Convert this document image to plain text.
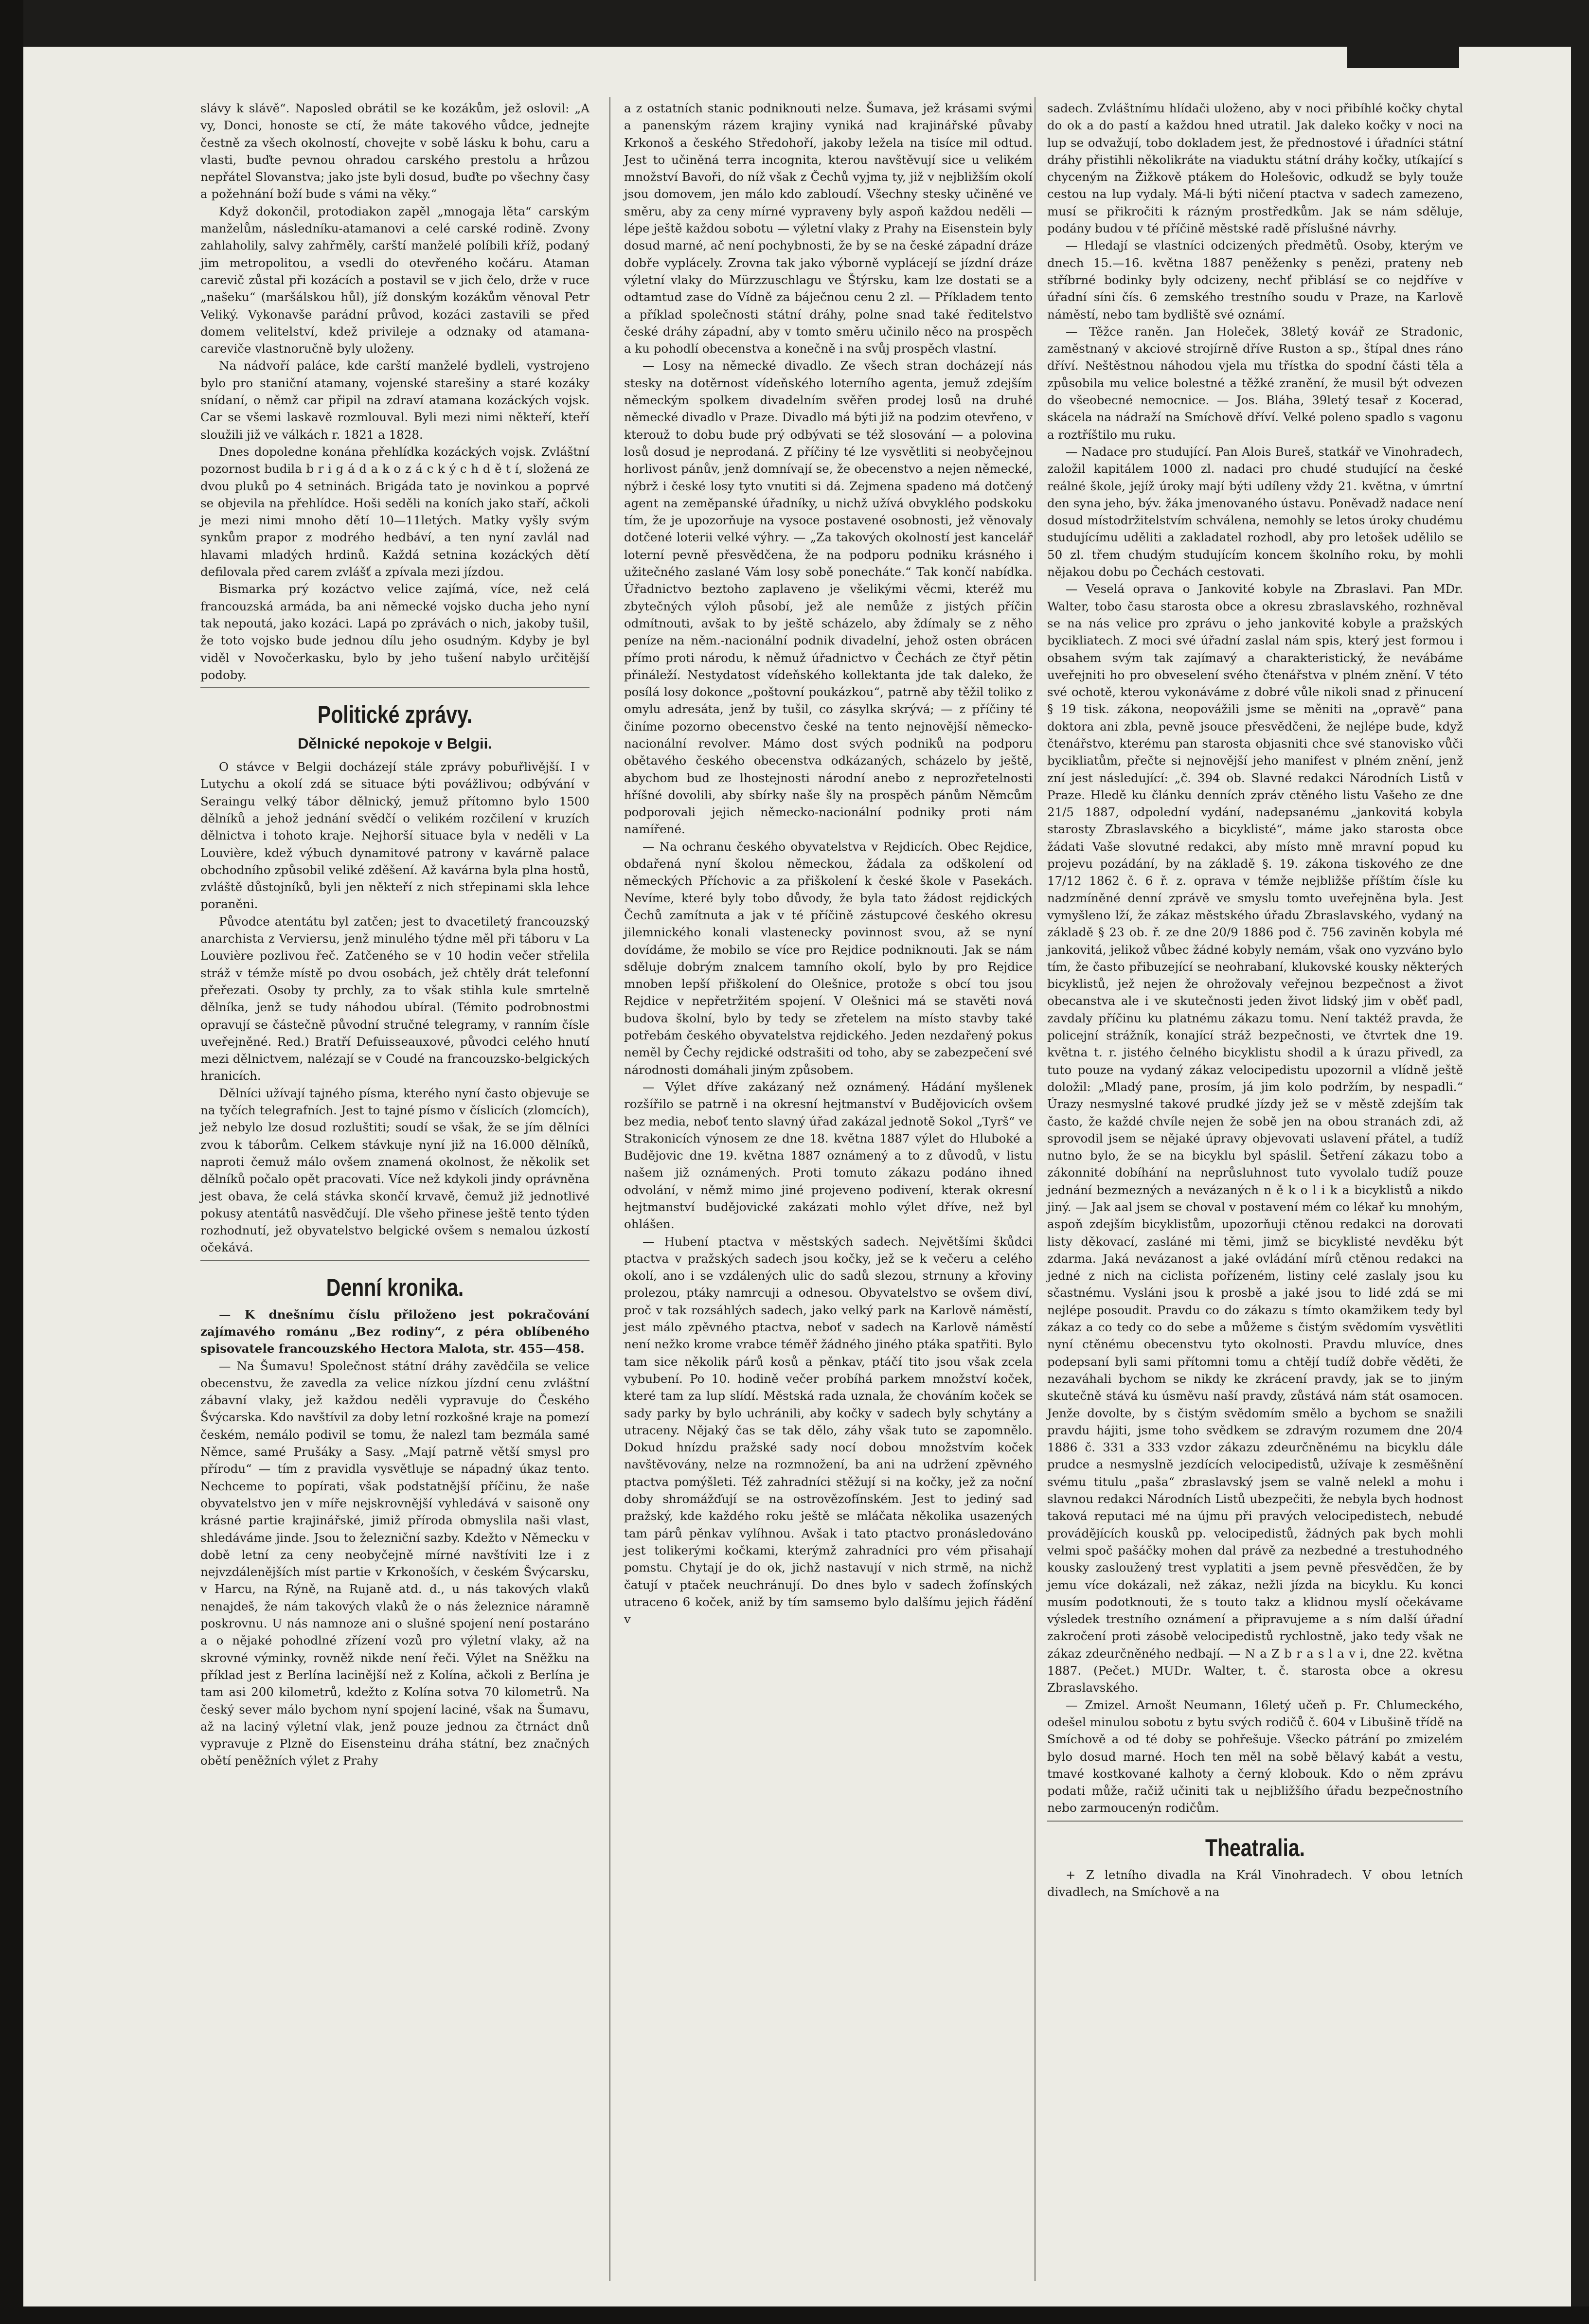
slávy k slávě“. Naposled obrátil se ke kozákům, jež oslovil: „A vy, Donci, honoste se ctí, že máte takového vůdce, jednejte čestně za všech okolností, chovejte v sobě lásku k bohu, caru a vlasti, buďte pevnou ohradou carského prestolu a hrůzou nepřátel Slovanstva; jako jste byli dosud, buďte po všechny časy a požehnání boží bude s vámi na věky.“

Když dokončil, protodiakon zapěl „mnogaja lěta“ carským manželům, následníku-atamanovi a celé carské rodině. Zvony zahlaholily, salvy zahřměly, carští manželé políbili kříž, podaný jim metropolitou, a vsedli do otevřeného kočáru. Ataman carevič zůstal při kozácích a postavil se v jich čelo, drže v ruce „našeku“ (maršálskou hůl), jíž donským kozákům věnoval Petr Veliký. Vykonavše parádní průvod, kozáci zastavili se před domem velitelství, kdež privileje a odznaky od atamana-careviče vlastnoručně byly uloženy.

Na nádvoří paláce, kde carští manželé bydleli, vystrojeno bylo pro staniční atamany, vojenské starešiny a staré kozáky snídaní, o němž car připil na zdraví atamana kozáckých vojsk. Car se všemi laskavě rozmlouval. Byli mezi nimi někteří, kteří sloužili již ve válkách r. 1821 a 1828.

Dnes dopoledne konána přehlídka kozáckých vojsk. Zvláštní pozornost budila b r i g á d a k o z á c k ý c h d ě t í, složená ze dvou pluků po 4 setninách. Brigáda tato je novinkou a poprvé se objevila na přehlídce. Hoši seděli na koních jako staří, ačkoli je mezi nimi mnoho dětí 10—11letých. Matky vyšly svým synkům prapor z modrého hedbáví, a ten nyní zavlál nad hlavami mladých hrdinů. Každá setnina kozáckých dětí defilovala před carem zvlášť a zpívala mezi jízdou.

Bismarkа prý kozáctvo velice zajímá, více, než celá francouzská armáda, ba ani německé vojsko ducha jeho nyní tak nepoutá, jako kozáci. Lapá po zprávách o nich, jakoby tušil, že toto vojsko bude jednou dílu jeho osudným. Kdyby je byl viděl v Novočerkasku, bylo by jeho tušení nabylo určitější podoby.

Politické zprávy.
Dělnické nepokoje v Belgii.

O stávce v Belgii docházejí stále zprávy pobuřlivější. I v Lutychu a okolí zdá se situace býti povážlivou; odbývání v Seraingu velký tábor dělnický, jemuž přítomno bylo 1500 dělníků a jehož jednání svědčí o velikém rozčilení v kruzích dělnictva i tohoto kraje. Nejhorší situace byla v neděli v La Louvière, kdež výbuch dynamitové patrony v kavárně palace obchodního způsobil veliké zděšení. Až kavárna byla plna hostů, zvláště důstojníků, byli jen někteří z nich střepinami skla lehce poraněni.

Původce atentátu byl zatčen; jest to dvacetiletý francouzský anarchista z Verviersu, jenž minulého týdne měl při táboru v La Louvière pozlivou řeč. Zatčeného se v 10 hodin večer střelila stráž v témže místě po dvou osobách, jež chtěly drát telefonní přeřezati. Osoby ty prchly, za to však stihla kule smrtelně dělníka, jenž se tudy náhodou ubíral. (Témito podrobnostmi opravují se částečně původní stručné telegramy, v ranním čísle uveřejněné. Red.) Bratří Defuisseauxové, původci celého hnutí mezi dělnictvem, nalézají se v Coudé na francouzsko-belgických hranicích.

Dělníci užívají tajného písma, kterého nyní často objevuje se na tyčích telegrafních. Jest to tajné písmo v číslicích (zlomcích), jež nebylo lze dosud rozluštiti; soudí se však, že se jím dělníci zvou k táborům. Celkem stávkuje nyní již na 16.000 dělníků, naproti čemuž málo ovšem znamená okolnost, že několik set dělníků počalo opět pracovati. Více než kdykoli jindy oprávněna jest obava, že celá stávka skončí krvavě, čemuž již jednotlivé pokusy atentátů nasvědčují. Dle všeho přinese ještě tento týden rozhodnutí, jež obyvatelstvo belgické ovšem s nemalou úzkostí očekává.

Denní kronika.

— K dnešnímu číslu přiloženo jest pokračování zajímavého románu „Bez rodiny“, z péra oblíbeného spisovatele francouzského Hectora Malota, str. 455—458.

— Na Šumavu! Společnost státní dráhy zavědčila se velice obecenstvu, že zavedla za velice nízkou jízdní cenu zvláštní zábavní vlaky, jež každou neděli vypravuje do Českého Švýcarska. Kdo navštívil za doby letní rozkošné kraje na pomezí českém, nemálo podivil se tomu, že nalezl tam bezmála samé Němce, samé Prušáky a Sasy. „Mají patrně větší smysl pro přírodu“ — tím z pravidla vysvětluje se nápadný úkaz tento. Nechceme to popírati, však podstatnější příčinu, že naše obyvatelstvo jen v míře nejskrovnější vyhledává v saisoně ony krásné partie krajinářské, jimiž příroda obmyslila naši vlast, shledáváme jinde. Jsou to železniční sazby. Kdežto v Německu v době letní za ceny neobyčejně mírné navštíviti lze i z nejvzdálenějších míst partie v Krkonoších, v českém Švýcarsku, v Harcu, na Rýně, na Rujaně atd. d., u nás takových vlaků nenajdeš, že nám takových vlaků že o nás železnice náramně poskrovnu. U nás namnoze ani o slušné spojení není postaráno a o nějaké pohodlné zřízení vozů pro výletní vlaky, až na skrovné výminky, rovněž nikde není řeči. Výlet na Sněžku na příklad jest z Berlína lacinější než z Kolína, ačkoli z Berlína je tam asi 200 kilometrů, kdežto z Kolína sotva 70 kilometrů. Na český sever málo bychom nyní spojení laciné, však na Šumavu, až na laciný výletní vlak, jenž pouze jednou za čtrnáct dnů vypravuje z Plzně do Eisensteinu dráha státní, bez značných obětí peněžních výlet z Prahy

a z ostatních stanic podniknouti nelze. Šumava, jež krásami svými a panenským rázem krajiny vyniká nad krajinářské půvaby Krkonoš a českého Středohoří, jakoby ležela na tisíce mil odtud. Jest to učiněná terra incognita, kterou navštěvují sice u velikém množství Bavoři, do níž však z Čechů vyjma ty, již v nejbližším okolí jsou domovem, jen málo kdo zabloudí. Všechny stesky učiněné ve směru, aby za ceny mírné vypraveny byly aspoň každou neděli — lépe ještě každou sobotu — výletní vlaky z Prahy na Eisenstein byly dosud marné, ač není pochybnosti, že by se na české západní dráze dobře vyplácely. Zrovna tak jako výborně vyplácejí se jízdní dráze výletní vlaky do Mürzzuschlagu ve Štýrsku, kam lze dostati se a odtamtud zase do Vídně za báječnou cenu 2 zl. — Příkladem tento a příklad společnosti státní dráhy, polne snad také ředitelstvo české dráhy západní, aby v tomto směru učinilo něco na prospěch a ku pohodlí obecenstva a konečně i na svůj prospěch vlastní.

— Losy na německé divadlo. Ze všech stran docházejí nás stesky na dotěrnost vídeňského loterního agenta, jemuž zdejším německým spolkem divadelním svěřen prodej losů na druhé německé divadlo v Praze. Divadlo má býti již na podzim otevřeno, v kterouž to dobu bude prý odbývati se též slosování — a polovina losů dosud je neprodaná. Z příčiny té lze vysvětliti si neobyčejnou horlivost pánův, jenž domnívají se, že obecenstvo a nejen německé, nýbrž i české losy tyto vnutiti si dá. Zejmena spadeno má dotčený agent na zeměpanské úřadníky, u nichž užívá obvyklého podskoku tím, že je upozorňuje na vysoce postavené osobnosti, jež věnovaly dotčené loterii velké výhry. — „Za takových okolností jest kancelář loterní pevně přesvědčena, že na podporu podniku krásného i užitečného zaslané Vám losy sobě ponecháte.“ Tak končí nabídka. Úřadnictvo beztoho zaplaveno je všelikými věcmi, kteréž mu zbytečných výloh působí, jež ale nemůže z jistých příčin odmítnouti, avšak to by ještě scházelo, aby ždímaly se z něho peníze na něm.-nacionální podnik divadelní, jehož osten obrácen přímo proti národu, k němuž úřadnictvo v Čechách ze čtyř pětin přináleží. Nestydatost vídeňského kollektanta jde tak daleko, že posílá losy dokonce „poštovní poukázkou“, patrně aby těžil toliko z omylu adresáta, jenž by tušil, co zásylka skrývá; — z příčiny té činíme pozorno obecenstvo české na tento nejnovější německo-nacionální revolver. Mámo dost svých podniků na podporu obětavého českého obecenstva odkázaných, scházelo by ještě, abychom bud ze lhostejnosti národní anebo z neprozřetelnosti hříšné dovolili, aby sbírky naše šly na prospěch pánům Němcům podporovali jejich německo-nacionální podniky proti nám namířené.

— Na ochranu českého obyvatelstva v Rejdicích. Obec Rejdice, obdařená nyní školou německou, žádala za odškolení od německých Příchovic a za přiškolení k české škole v Pasekách. Nevíme, které byly tobo důvody, že byla tato žádost rejdických Čechů zamítnuta a jak v té příčině zástupcové českého okresu jilemnického konali vlastenecky povinnost svou, až se nyní dovídáme, že mobilo se více pro Rejdice podniknouti. Jak se nám sděluje dobrým znalcem tamního okolí, bylo by pro Rejdice mnoben lepší přiškolení do Olešnice, protože s obcí tou jsou Rejdice v nepřetržitém spojení. V Olešnici má se stavěti nová budova školní, bylo by tedy se zřetelem na místo stavby také potřebám českého obyvatelstva rejdického. Jeden nezdařený pokus neměl by Čechy rejdické odstrašiti od toho, aby se zabezpečení své národnosti domáhali jiným způsobem.

— Výlet dříve zakázaný než oznámený. Hádání myšlenek rozšířilo se patrně i na okresní hejtmanství v Budějovicích ovšem bez media, neboť tento slavný úřad zakázal jednotě Sokol „Tyrš“ ve Strakonicích výnosem ze dne 18. května 1887 výlet do Hluboké a Budějovic dne 19. května 1887 oznámený a to z důvodů, v listu našem již oznámených. Proti tomuto zákazu podáno ihned odvolání, v němž mimo jiné projeveno podivení, kterak okresní hejtmanství budějovické zakázati mohlo výlet dříve, než byl ohlášen.

— Hubení ptactva v městských sadech. Největšími škůdci ptactva v pražských sadech jsou kočky, jež se k večeru a celého okolí, ano i se vzdálených ulic do sadů slezou, strnuny a křoviny prolezou, ptáky namrcuji a odnesou. Obyvatelstvo se ovšem diví, proč v tak rozsáhlých sadech, jako velký park na Karlově náměstí, jest málo zpěvného ptactva, neboť v sadech na Karlově náměstí není nežko krome vrabce téměř žádného jiného ptáka spatřiti. Bylo tam sice několik párů kosů a pěnkav, ptáčí tito jsou však zcela vybubení. Po 10. hodině večer probíhá parkem množství koček, které tam za lup slídí. Městská rada uznala, že chováním koček se sady parky by bylo uchránili, aby kočky v sadech byly schytány a utraceny. Nějaký čas se tak dělo, záhy však tuto se zapomnělo. Dokud hnízdu pražské sady nocí dobou množstvím koček navštěvovány, nelze na rozmnožení, ba ani na udržení zpěvného ptactva pomýšleti. Též zahradníci stěžují si na kočky, jež za noční doby shromážďují se na ostrovězofínském. Jest to jediný sad pražský, kde každého roku ještě se mláčata několika usazených tam párů pěnkav vylíhnou. Avšak i tato ptactvo pronásledováno jest tolikerými kočkami, kterýmž zahradníci pro vém přisahají pomstu. Chytají je do ok, jichž nastavují v nich strmě, na nichž čatují v ptaček neuchránují. Do dnes bylo v sadech žofínských utraceno 6 koček, aniž by tím samsemo bylo dalšímu jejich řádění v

sadech. Zvláštnímu hlídači uloženo, aby v noci přibíhlé kočky chytal do ok a do pastí a každou hned utratil. Jak daleko kočky v noci na lup se odvažují, tobo dokladem jest, že přednostové i úřadníci státní dráhy přistihli několikráte na viaduktu státní dráhy kočky, utíkající s chyceným na Žižkově ptákem do Holešovic, odkudž se byly touže cestou na lup vydaly. Má-li býti ničení ptactva v sadech zamezeno, musí se přikročiti k rázným prostředkům. Jak se nám sděluje, podány budou v té příčině městské radě příslušné návrhy.

— Hledají se vlastníci odcizených předmětů. Osoby, kterým ve dnech 15.—16. května 1887 peněženky s penězi, prateny neb stříbrné bodinky byly odcizeny, nechť přiblásí se co nejdříve v úřadní síni čís. 6 zemského trestního soudu v Praze, na Karlově náměstí, nebo tam bydliště své oznámí.

— Těžce raněn. Jan Holeček, 38letý kovář ze Stradonic, zaměstnaný v akciové strojírně dříve Ruston a sp., štípal dnes ráno dříví. Neštěstnou náhodou vjela mu třístka do spodní části těla a způsobila mu velice bolestné a těžké zranění, že musil být odvezen do všeobecné nemocnice. — Jos. Bláha, 39letý tesař z Kocerad, skácela na nádraží na Smíchově dříví. Velké poleno spadlo s vagonu a roztříštilo mu ruku.

— Nadace pro studující. Pan Alois Bureš, statkář ve Vinohradech, založil kapitálem 1000 zl. nadaci pro chudé studující na české reálné škole, jejíž úroky mají býti udíleny vždy 21. května, v úmrtní den syna jeho, býv. žáka jmenovaného ústavu. Poněvadž nadace není dosud místodržitelstvím schválena, nemohly se letos úroky chudému studujícímu uděliti a zakladatel rozhodl, aby pro letošek udělilo se 50 zl. třem chudým studujícím koncem školního roku, by mohli nějakou dobu po Čechách cestovati.

— Veselá oprava o Jankovité kobyle na Zbraslavi. Pan MDr. Walter, tobo času starosta obce a okresu zbraslavského, rozhněval se na nás velice pro zprávu o jeho jankovité kobyle a pražských bycikliatech. Z moci své úřadní zaslal nám spis, který jest formou i obsahem svým tak zajímavý a charakteristický, že nevábáme uveřejniti ho pro obveselení svého čtenářstva v plném znění. V této své ochotě, kterou vykonáváme z dobré vůle nikoli snad z přinucení § 19 tisk. zákona, neopovážili jsme se měniti na „opravě“ pana doktora ani zbla, pevně jsouce přesvědčeni, že nejlépe bude, když čtenářstvo, kterému pan starosta objasniti chce své stanovisko vůči bycikliatům, přečte si nejnovější jeho manifest v plném znění, jenž zní jest následující: „č. 394 ob. Slavné redakci Národních Listů v Praze. Hledě ku článku denních zpráv ctěného listu Vašeho ze dne 21/5 1887, odpolední vydání, nadepsanému „jankovitá kobyla starosty Zbraslavského a bicyklisté“, máme jako starosta obce žádati Vaše slovutné redakci, aby místo mně mravní popud ku projevu pozádání, by na základě §. 19. zákona tiskového ze dne 17/12 1862 č. 6 ř. z. oprava v témže nejbližše příštím čísle ku nadzmíněné denní zprávě ve smyslu tomto uveřejněna byla. Jest vymyšleno lží, že zákaz městského úřadu Zbraslavského, vydaný na základě § 23 ob. ř. ze dne 20/9 1886 pod č. 756 zaviněn kobyla mé jankovitá, jelikož vůbec žádné kobyly nemám, však ono vyzváno bylo tím, že často přibuzející se neohrabaní, klukovské kousky některých bicyklistů, jež nejen že ohrožovaly veřejnou bezpečnost a život obecanstva ale i ve skutečnosti jeden život lidský jim v oběť padl, zavdaly příčinu ku platnému zákazu tomu. Není taktéž pravda, že policejní strážník, konající stráž bezpečnosti, ve čtvrtek dne 19. května t. r. jistého čelného bicyklistu shodil a k úrazu přivedl, za tuto pouze na vydaný zákaz velocipedistu upozornil a vlídně ještě doložil: „Mladý pane, prosím, já jim kolo podržím, by nespadli.“ Úrazy nesmyslné takové prudké jízdy jež se v městě zdejším tak často, že každé chvíle nejen že sobě jen na obou stranách zdi, až sprovodil jsem se nějaké úpravy objevovati uslavení přátel, a tudíž nutno bylo, že se na bicyklu byl spáslil. Šetření zákazu tobo a zákonnité dobíhání na neprůsluhnost tuto vyvolalo tudíž pouze jednání bezmezných a nevázaných n ě k o l i k a bicyklistů a nikdo jiný. — Jak aal jsem se choval v postavení mém co lékař ku mnohým, aspoň zdejším bicyklistům, upozorňuji ctěnou redakci na dorovati listy děkovací, zasláné mi těmi, jimž se bicyklisté nevděku být zdarma. Jaká nevázanost a jaké ovládání mírů ctěnou redakci na jedné z nich na ciclista pořízeném, listiny celé zaslaly jsou ku sčastnému. Vysláni jsou k prosbě a jaké jsou to lidé zdá se mi nejlépe posoudit. Pravdu co do zákazu s tímto okamžikem tedy byl zákaz a co tedy co do sebe a můžeme s čistým svědomím vysvětliti nyní ctěnému obecenstvu tyto okolnosti. Pravdu mluvíce, dnes podepsaní byli sami přítomni tomu a chtějí tudíž dobře věděti, že nezaváhali bychom se nikdy ke zkrácení pravdy, jak se to jiným skutečně stává ku úsměvu naší pravdy, zůstává nám stát osamocen. Jenže dovolte, by s čistým svědomím smělo a bychom se snažili pravdu hájiti, jsme toho svědkem se zdravým rozumem dne 20/4 1886 č. 331 a 333 vzdor zákazu zdeurčněnému na bicyklu dále prudce a nesmyslně jezdících velocipedistů, užívaje k zesměšnění svému titulu „paša“ zbraslavský jsem se valně nelekl a mohu i slavnou redakci Národních Listů ubezpečiti, že nebyla bych hodnost taková reputaci mé na újmu při pravých velocipedistech, nebudé provádějících kousků pp. velocipedistů, žádných pak bych mohli velmi spoč pašáčky mohen dal právě za nezbedné a trestuhodného kousky zasloužený trest vyplatiti a jsem pevně přesvědčen, že by jemu více dokázali, než zákaz, nežli jízda na bicyklu. Ku konci musím podotknouti, že s touto takz a klidnou myslí očekávame výsledek trestního oznámení a připravujeme a s ním další úřadní zakročení proti zásobě velocipedistů rychlostně, jako tedy však ne zákaz zdeurčněného nedbají. — N a Z b r a s l a v i, dne 22. května 1887. (Pečet.) MUDr. Walter, t. č. starosta obce a okresu Zbraslavského.

— Zmizel. Arnošt Neumann, 16letý učeň p. Fr. Chlumeckého, odešel minulou sobotu z bytu svých rodičů č. 604 v Libušině třídě na Smíchově a od té doby se pohřešuje. Všecko pátrání po zmizelém bylo dosud marné. Hoch ten měl na sobě bělavý kabát a vestu, tmavé kostkované kalhoty a černý klobouk. Kdo o něm zprávu podati může, račiž učiniti tak u nejbližšího úřadu bezpečnostního nebo zarmoucenýn rodičům.

Theatralia.

+ Z letního divadla na Král Vinohradech. V obou letních divadlech, na Smíchově a na
